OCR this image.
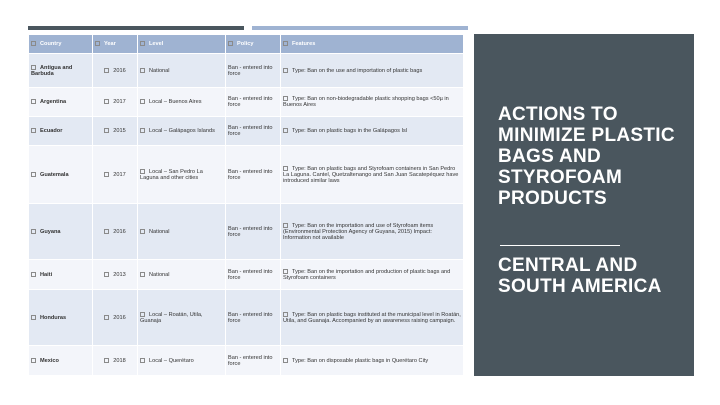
Country	Year	Level	Policy	Features
Antigua and Barbuda	2016	National	Ban - entered into force	Type: Ban on the use and importation of plastic bags
Argentina	2017	Local – Buenos Aires	Ban - entered into force	Type: Ban on non-biodegradable plastic shopping bags <50µ in Buenos Aires
Ecuador	2015	Local – Galápagos Islands	Ban - entered into force	Type: Ban on plastic bags in the Galápagos Isl
Guatemala	2017	Local – San Pedro La Laguna and other cities	Ban - entered into force	Type: Ban on plastic bags and Styrofoam containers in San Pedro La Laguna. Cantel, Quetzaltenango and San Juan Sacatepéquez have introduced similar laws
Guyana	2016	National	Ban - entered into force	Type: Ban on the importation and use of Styrofoam items (Environmental Protection Agency of Guyana, 2015) Impact: Information not available
Haiti	2013	National	Ban - entered into force	Type: Ban on the importation and production of plastic bags and Styrofoam containers
Honduras	2016	Local – Roatán, Utila, Guanaja	Ban - entered into force	Type: Ban on plastic bags instituted at the municipal level in Roatán, Utila, and Guanaja. Accompanied by an awareness raising campaign.
Mexico	2018	Local – Querétaro	Ban - entered into force	Type: Ban on disposable plastic bags in Querétaro City
ACTIONS TO MINIMIZE PLASTIC BAGS AND STYROFOAM PRODUCTS
CENTRAL AND SOUTH AMERICA
